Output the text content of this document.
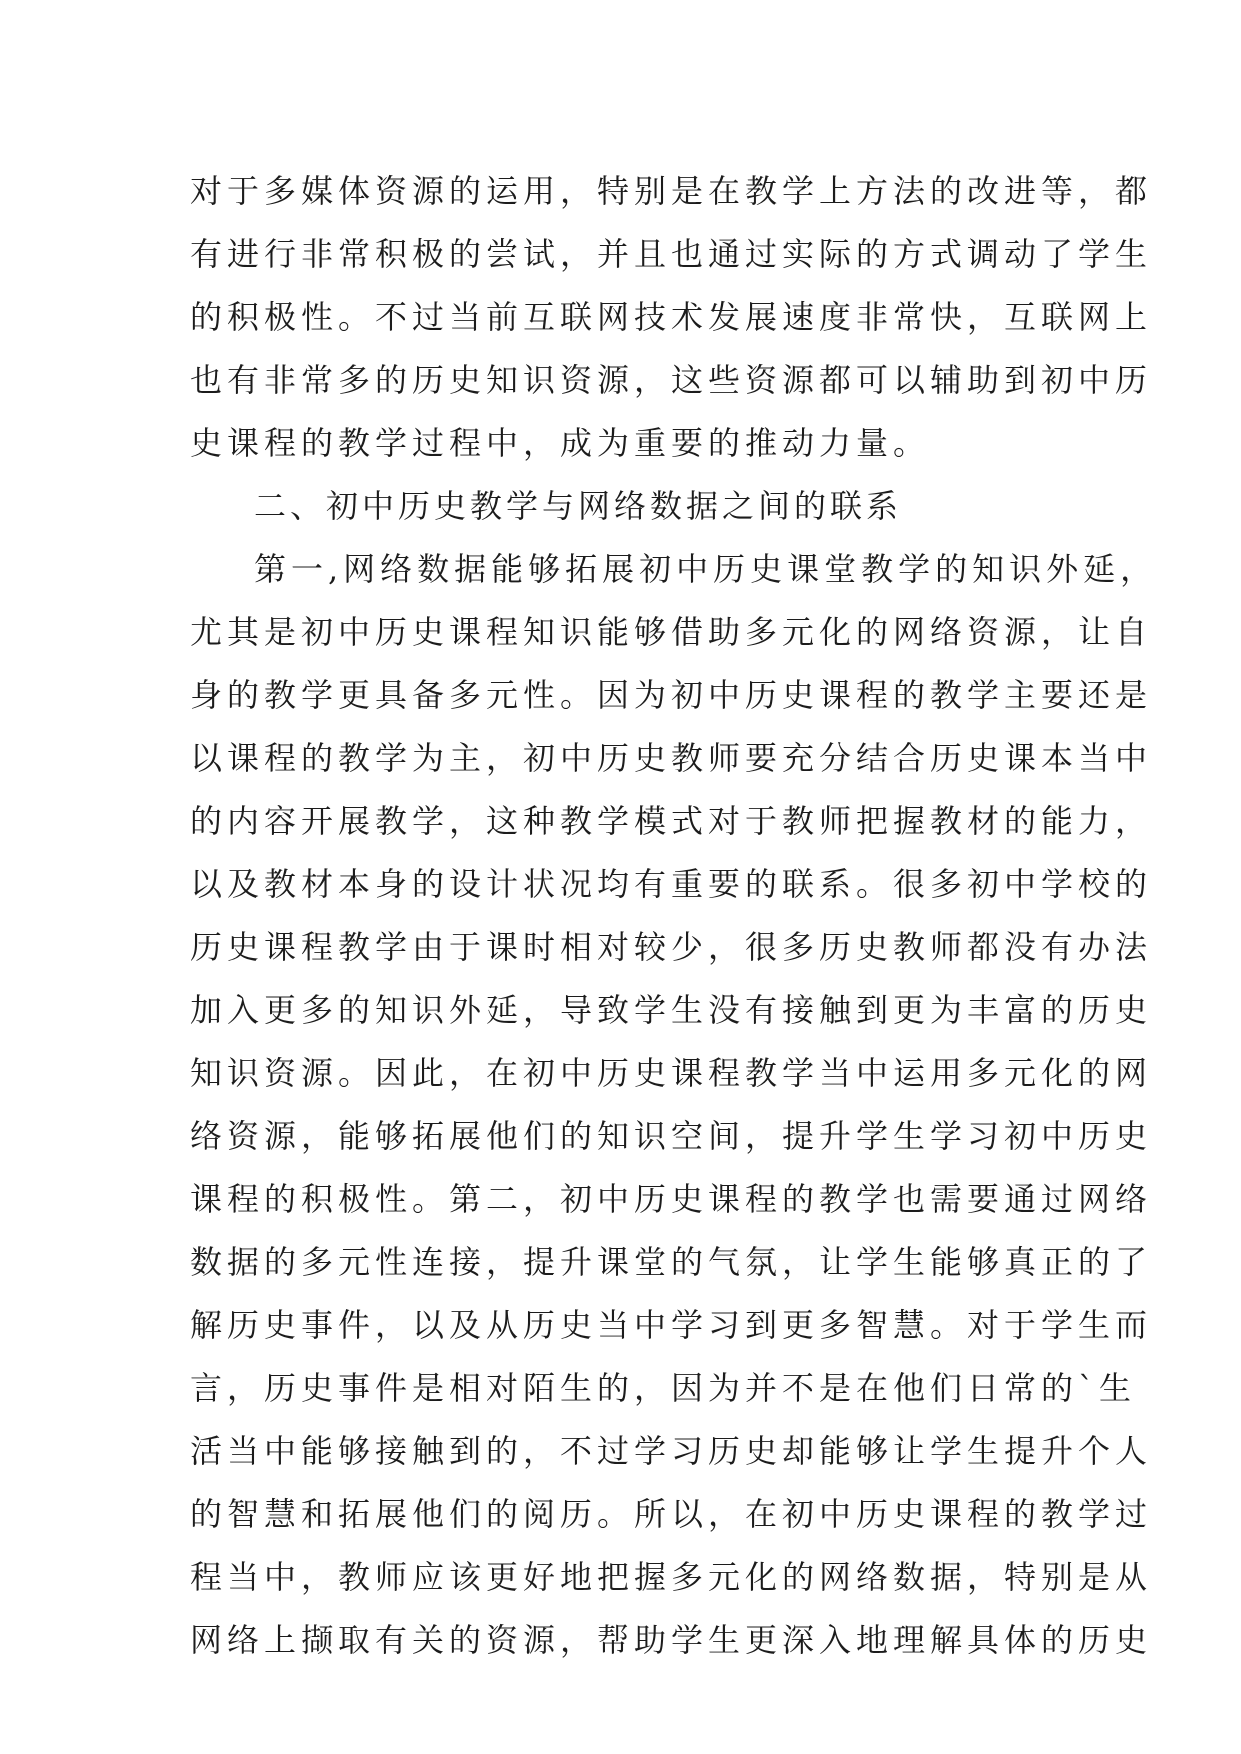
对于多媒体资源的运用，特别是在教学上方法的改进等，都
有进行非常积极的尝试，并且也通过实际的方式调动了学生
的积极性。不过当前互联网技术发展速度非常快，互联网上
也有非常多的历史知识资源，这些资源都可以辅助到初中历
史课程的教学过程中，成为重要的推动力量。
二、初中历史教学与网络数据之间的联系
第一,网络数据能够拓展初中历史课堂教学的知识外延，
尤其是初中历史课程知识能够借助多元化的网络资源，让自
身的教学更具备多元性。因为初中历史课程的教学主要还是
以课程的教学为主，初中历史教师要充分结合历史课本当中
的内容开展教学，这种教学模式对于教师把握教材的能力，
以及教材本身的设计状况均有重要的联系。很多初中学校的
历史课程教学由于课时相对较少，很多历史教师都没有办法
加入更多的知识外延，导致学生没有接触到更为丰富的历史
知识资源。因此，在初中历史课程教学当中运用多元化的网
络资源，能够拓展他们的知识空间，提升学生学习初中历史
课程的积极性。第二，初中历史课程的教学也需要通过网络
数据的多元性连接，提升课堂的气氛，让学生能够真正的了
解历史事件，以及从历史当中学习到更多智慧。对于学生而
言，历史事件是相对陌生的，因为并不是在他们日常的`生
活当中能够接触到的，不过学习历史却能够让学生提升个人
的智慧和拓展他们的阅历。所以，在初中历史课程的教学过
程当中，教师应该更好地把握多元化的网络数据，特别是从
网络上撷取有关的资源，帮助学生更深入地理解具体的历史
